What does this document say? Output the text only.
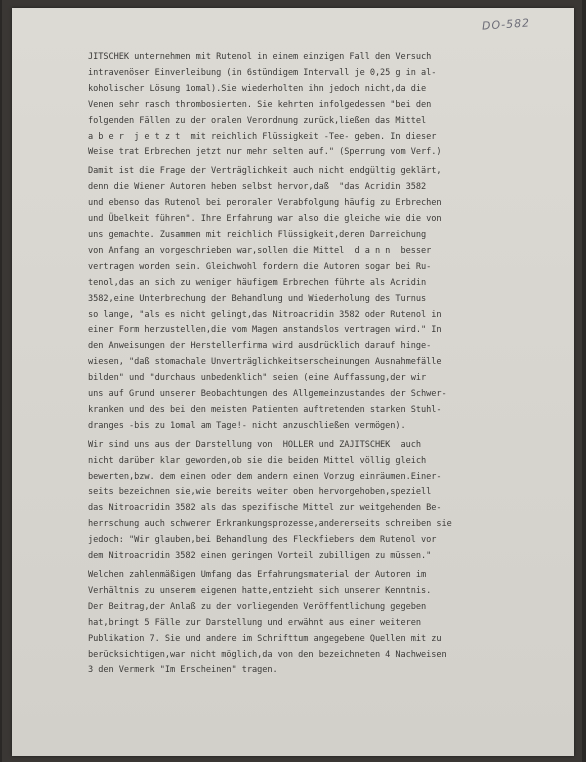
DO-582
JITSCHEK unternehmen mit Rutenol in einem einzigen Fall den Versuch
intravenöser Einverleibung (in 6stündigem Intervall je 0,25 g in al-
koholischer Lösung 1omal).Sie wiederholten ihn jedoch nicht,da die
Venen sehr rasch thrombosierten. Sie kehrten infolgedessen "bei den
folgenden Fällen zu der oralen Verordnung zurück,ließen das Mittel
a b e r  j e t z t  mit reichlich Flüssigkeit -Tee- geben. In dieser
Weise trat Erbrechen jetzt nur mehr selten auf." (Sperrung vom Verf.)
Damit ist die Frage der Verträglichkeit auch nicht endgültig geklärt,
denn die Wiener Autoren heben selbst hervor,daß  "das Acridin 3582
und ebenso das Rutenol bei peroraler Verabfolgung häufig zu Erbrechen
und Übelkeit führen". Ihre Erfahrung war also die gleiche wie die von
uns gemachte. Zusammen mit reichlich Flüssigkeit,deren Darreichung
von Anfang an vorgeschrieben war,sollen die Mittel  d a n n  besser
vertragen worden sein. Gleichwohl fordern die Autoren sogar bei Ru-
tenol,das an sich zu weniger häufigem Erbrechen führte als Acridin
3582,eine Unterbrechung der Behandlung und Wiederholung des Turnus
so lange, "als es nicht gelingt,das Nitroacridin 3582 oder Rutenol in
einer Form herzustellen,die vom Magen anstandslos vertragen wird." In
den Anweisungen der Herstellerfirma wird ausdrücklich darauf hinge-
wiesen, "daß stomachale Unverträglichkeitserscheinungen Ausnahmefälle
bilden" und "durchaus unbedenklich" seien (eine Auffassung,der wir
uns auf Grund unserer Beobachtungen des Allgemeinzustandes der Schwer-
kranken und des bei den meisten Patienten auftretenden starken Stuhl-
dranges -bis zu 1omal am Tage!- nicht anzuschließen vermögen).
Wir sind uns aus der Darstellung von  HOLLER und ZAJITSCHEK  auch
nicht darüber klar geworden,ob sie die beiden Mittel völlig gleich
bewerten,bzw. dem einen oder dem andern einen Vorzug einräumen.Einer-
seits bezeichnen sie,wie bereits weiter oben hervorgehoben,speziell
das Nitroacridin 3582 als das spezifische Mittel zur weitgehenden Be-
herrschung auch schwerer Erkrankungsprozesse,andererseits schreiben sie
jedoch: "Wir glauben,bei Behandlung des Fleckfiebers dem Rutenol vor
dem Nitroacridin 3582 einen geringen Vorteil zubilligen zu müssen."
Welchen zahlenmäßigen Umfang das Erfahrungsmaterial der Autoren im
Verhältnis zu unserem eigenen hatte,entzieht sich unserer Kenntnis.
Der Beitrag,der Anlaß zu der vorliegenden Veröffentlichung gegeben
hat,bringt 5 Fälle zur Darstellung und erwähnt aus einer weiteren
Publikation 7. Sie und andere im Schrifttum angegebene Quellen mit zu
berücksichtigen,war nicht möglich,da von den bezeichneten 4 Nachweisen
3 den Vermerk "Im Erscheinen" tragen.
